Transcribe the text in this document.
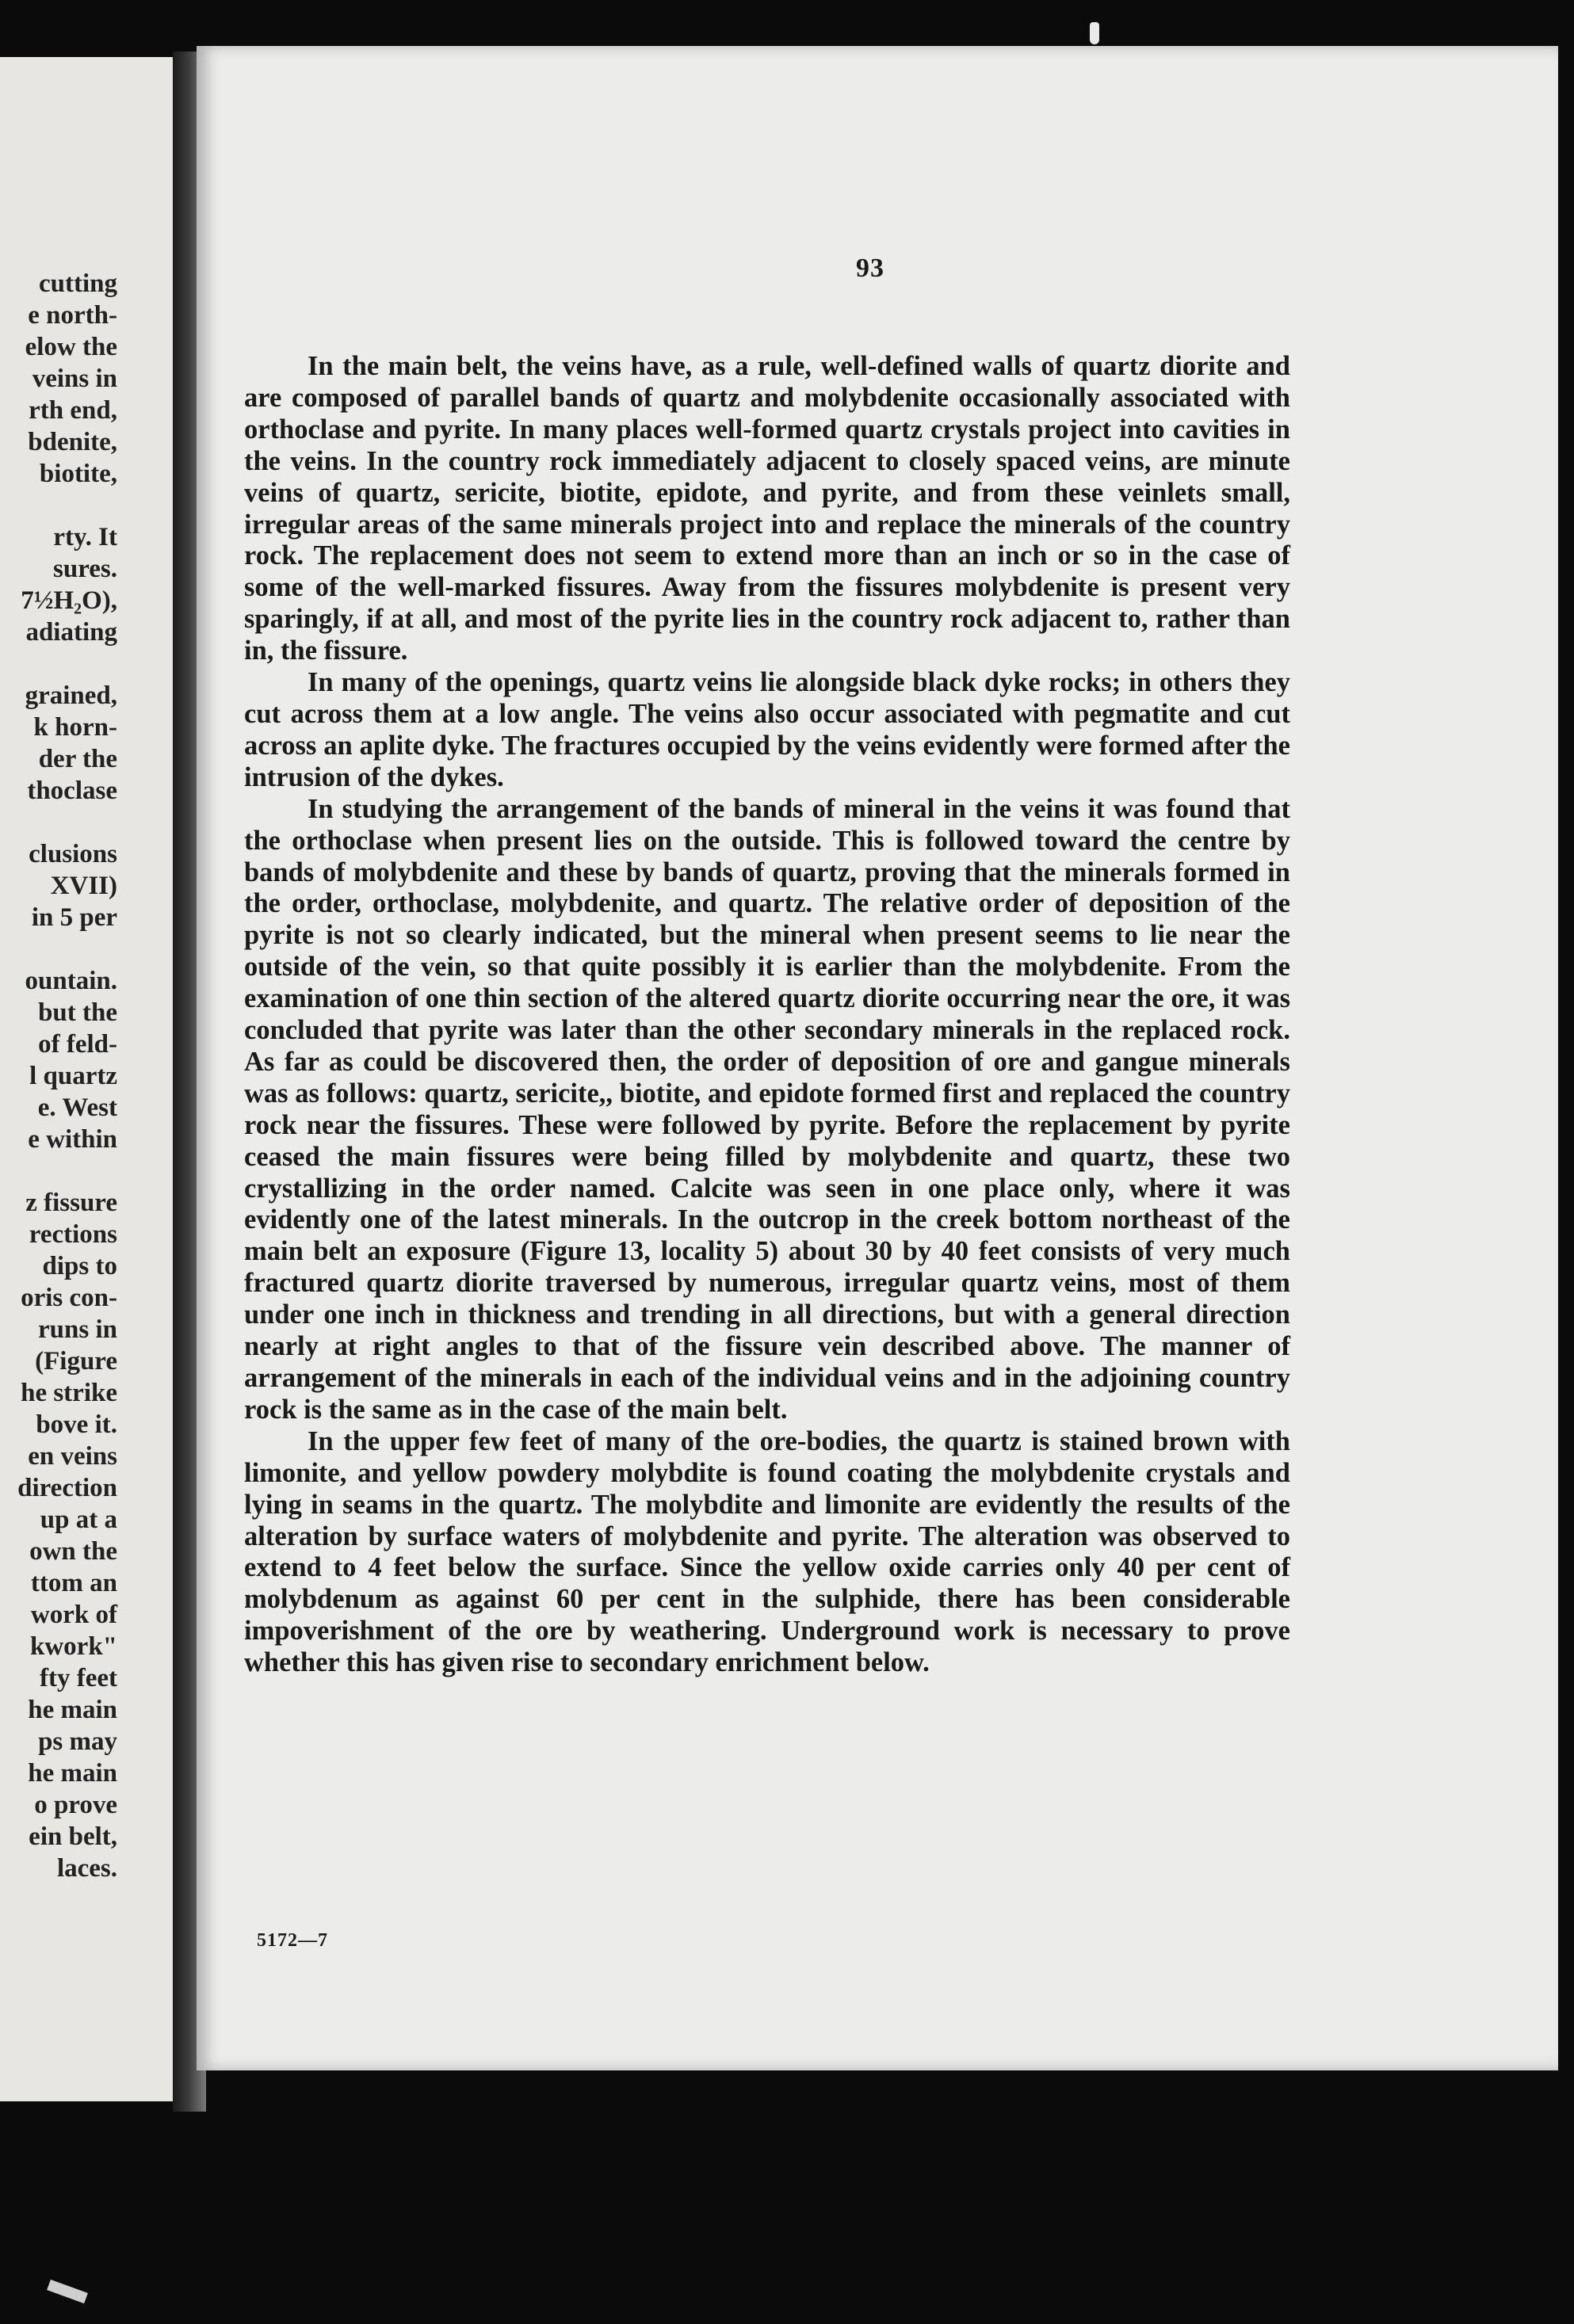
cutting
e north-
elow the
veins in
rth end,
bdenite,
biotite,
rty. It
sures.
7½H₂O),
adiating
grained,
k horn-
der the
thoclase
clusions
XVII)
in 5 per
ountain.
but the
of feld-
l quartz
e. West
e within
z fissure
rections
dips to
oris con-
runs in
(Figure
he strike
bove it.
en veins
direction
up at a
own the
ttom an
work of
kwork"
fty feet
he main
ps may
he main
o prove
ein belt,
laces.
93

In the main belt, the veins have, as a rule, well-defined walls of quartz diorite and are composed of parallel bands of quartz and molybdenite occasionally associated with orthoclase and pyrite. In many places well-formed quartz crystals project into cavities in the veins. In the country rock immediately adjacent to closely spaced veins, are minute veins of quartz, sericite, biotite, epidote, and pyrite, and from these veinlets small, irregular areas of the same minerals project into and replace the minerals of the country rock. The replacement does not seem to extend more than an inch or so in the case of some of the well-marked fissures. Away from the fissures molybdenite is present very sparingly, if at all, and most of the pyrite lies in the country rock adjacent to, rather than in, the fissure.

In many of the openings, quartz veins lie alongside black dyke rocks; in others they cut across them at a low angle. The veins also occur associated with pegmatite and cut across an aplite dyke. The fractures occupied by the veins evidently were formed after the intrusion of the dykes.

In studying the arrangement of the bands of mineral in the veins it was found that the orthoclase when present lies on the outside. This is followed toward the centre by bands of molybdenite and these by bands of quartz, proving that the minerals formed in the order, orthoclase, molybdenite, and quartz. The relative order of deposition of the pyrite is not so clearly indicated, but the mineral when present seems to lie near the outside of the vein, so that quite possibly it is earlier than the molybdenite. From the examination of one thin section of the altered quartz diorite occurring near the ore, it was concluded that pyrite was later than the other secondary minerals in the replaced rock. As far as could be discovered then, the order of deposition of ore and gangue minerals was as follows: quartz, sericite,, biotite, and epidote formed first and replaced the country rock near the fissures. These were followed by pyrite. Before the replacement by pyrite ceased the main fissures were being filled by molybdenite and quartz, these two crystallizing in the order named. Calcite was seen in one place only, where it was evidently one of the latest minerals. In the outcrop in the creek bottom northeast of the main belt an exposure (Figure 13, locality 5) about 30 by 40 feet consists of very much fractured quartz diorite traversed by numerous, irregular quartz veins, most of them under one inch in thickness and trending in all directions, but with a general direction nearly at right angles to that of the fissure vein described above. The manner of arrangement of the minerals in each of the individual veins and in the adjoining country rock is the same as in the case of the main belt.

In the upper few feet of many of the ore-bodies, the quartz is stained brown with limonite, and yellow powdery molybdite is found coating the molybdenite crystals and lying in seams in the quartz. The molybdite and limonite are evidently the results of the alteration by surface waters of molybdenite and pyrite. The alteration was observed to extend to 4 feet below the surface. Since the yellow oxide carries only 40 per cent of molybdenum as against 60 per cent in the sulphide, there has been considerable impoverishment of the ore by weathering. Underground work is necessary to prove whether this has given rise to secondary enrichment below.

5172—7
